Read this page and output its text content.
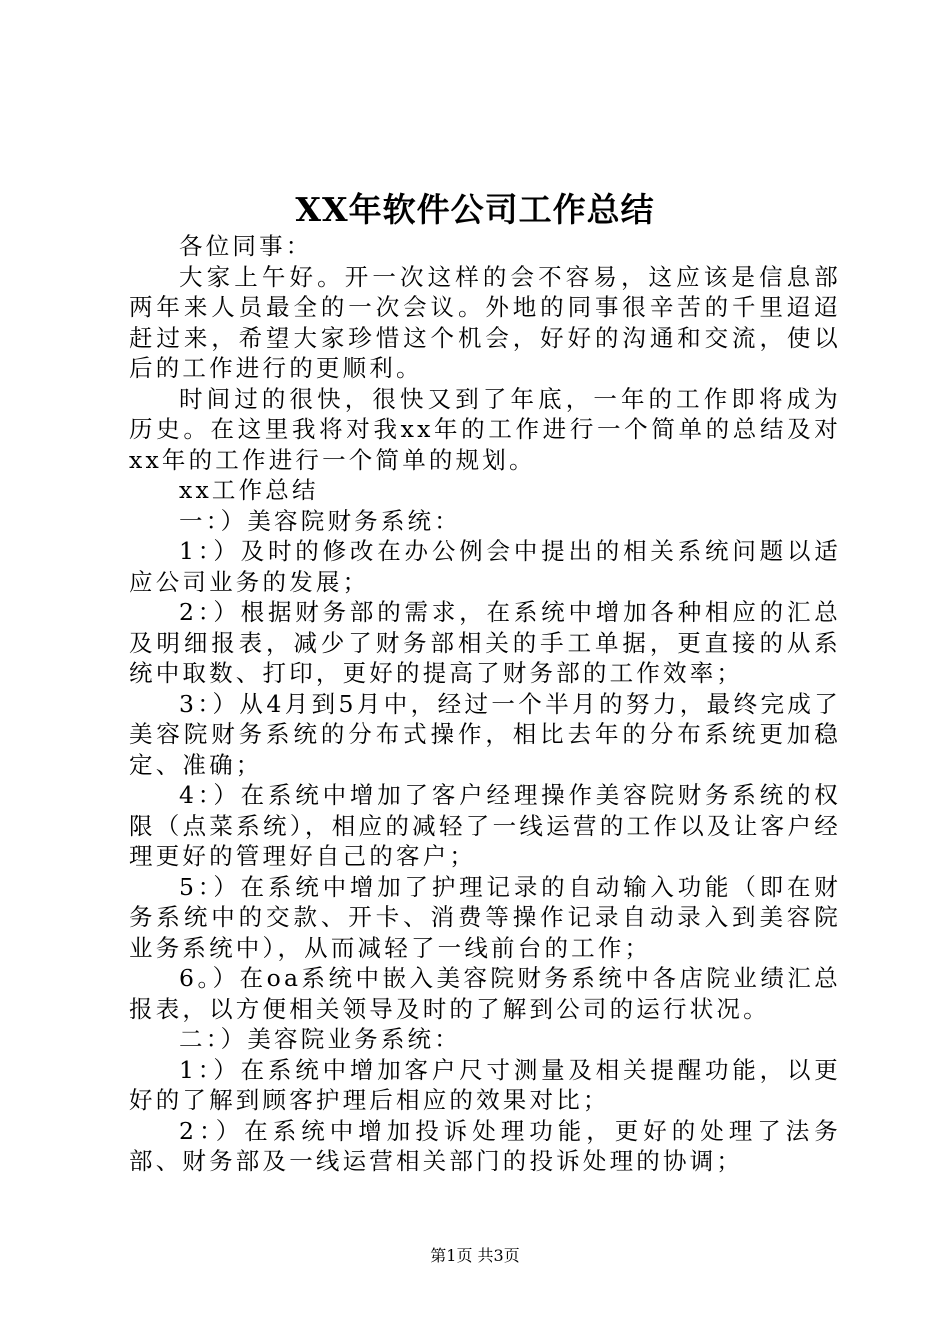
XX年软件公司工作总结

各位同事：

大家上午好。开一次这样的会不容易，这应该是信息部两年来人员最全的一次会议。外地的同事很辛苦的千里迢迢赶过来，希望大家珍惜这个机会，好好的沟通和交流，使以后的工作进行的更顺利。

时间过的很快，很快又到了年底，一年的工作即将成为历史。在这里我将对我xx年的工作进行一个简单的总结及对xx年的工作进行一个简单的规划。

xx工作总结

一：）美容院财务系统：

1：）及时的修改在办公例会中提出的相关系统问题以适应公司业务的发展；

2：）根据财务部的需求，在系统中增加各种相应的汇总及明细报表，减少了财务部相关的手工单据，更直接的从系统中取数、打印，更好的提高了财务部的工作效率；

3：）从4月到5月中，经过一个半月的努力，最终完成了美容院财务系统的分布式操作，相比去年的分布系统更加稳定、准确；

4：）在系统中增加了客户经理操作美容院财务系统的权限（点菜系统），相应的减轻了一线运营的工作以及让客户经理更好的管理好自己的客户；

5：）在系统中增加了护理记录的自动输入功能（即在财务系统中的交款、开卡、消费等操作记录自动录入到美容院业务系统中），从而减轻了一线前台的工作；

6。）在oa系统中嵌入美容院财务系统中各店院业绩汇总报表，以方便相关领导及时的了解到公司的运行状况。

二：）美容院业务系统：

1：）在系统中增加客户尺寸测量及相关提醒功能，以更好的了解到顾客护理后相应的效果对比；

2：）在系统中增加投诉处理功能，更好的处理了法务部、财务部及一线运营相关部门的投诉处理的协调；

第1页 共3页
